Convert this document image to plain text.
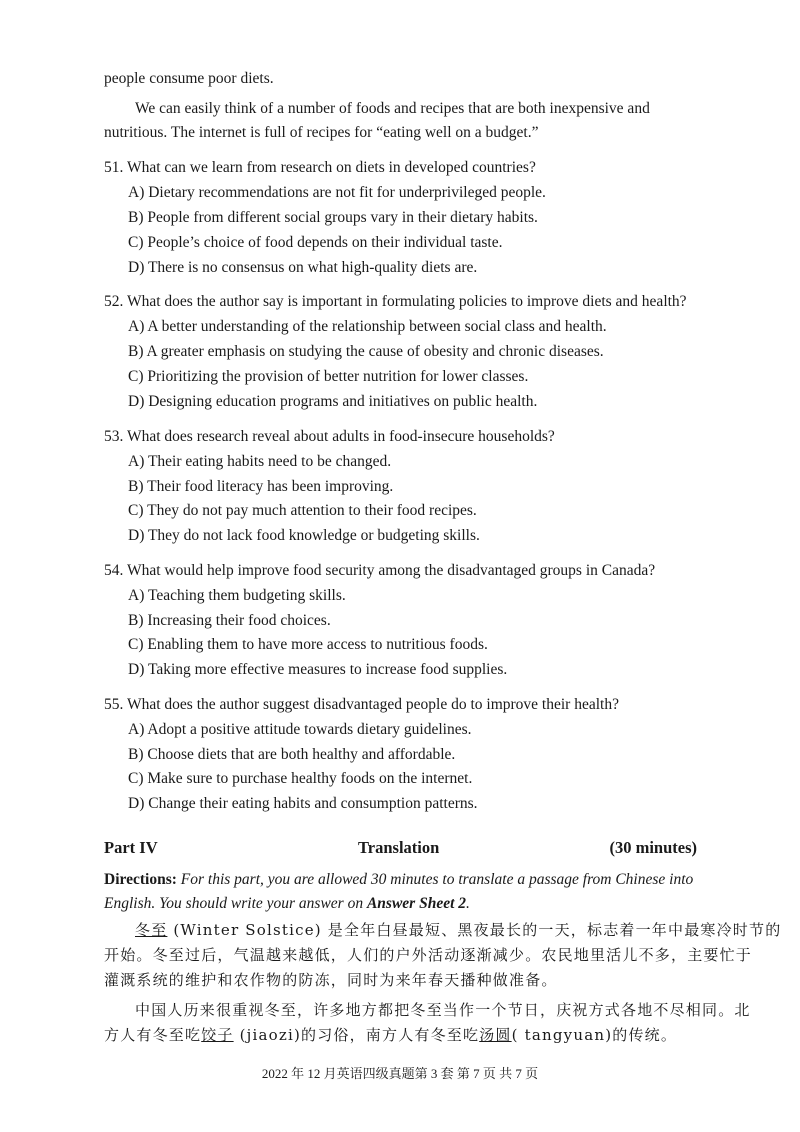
people consume poor diets.
We can easily think of a number of foods and recipes that are both inexpensive and
nutritious. The internet is full of recipes for “eating well on a budget.”
51. What can we learn from research on diets in developed countries?
A) Dietary recommendations are not fit for underprivileged people.
B) People from different social groups vary in their dietary habits.
C) People’s choice of food depends on their individual taste.
D) There is no consensus on what high-quality diets are.
52. What does the author say is important in formulating policies to improve diets and health?
A) A better understanding of the relationship between social class and health.
B) A greater emphasis on studying the cause of obesity and chronic diseases.
C) Prioritizing the provision of better nutrition for lower classes.
D) Designing education programs and initiatives on public health.
53. What does research reveal about adults in food-insecure households?
A) Their eating habits need to be changed.
B) Their food literacy has been improving.
C) They do not pay much attention to their food recipes.
D) They do not lack food knowledge or budgeting skills.
54. What would help improve food security among the disadvantaged groups in Canada?
A) Teaching them budgeting skills.
B) Increasing their food choices.
C) Enabling them to have more access to nutritious foods.
D) Taking more effective measures to increase food supplies.
55. What does the author suggest disadvantaged people do to improve their health?
A) Adopt a positive attitude towards dietary guidelines.
B) Choose diets that are both healthy and affordable.
C) Make sure to purchase healthy foods on the internet.
D) Change their eating habits and consumption patterns.
Part IV	Translation	(30 minutes)
Directions: For this part, you are allowed 30 minutes to translate a passage from Chinese into
English. You should write your answer on Answer Sheet 2.
冬至 (Winter Solstice) 是全年白昼最短、黑夜最长的一天，标志着一年中最寒冷时节的
开始。冬至过后，气温越来越低，人们的户外活动逐渐减少。农民地里活儿不多，主要忙于
灌溉系统的维护和农作物的防冻，同时为来年春天播种做准备。
中国人历来很重视冬至，许多地方都把冬至当作一个节日，庆祝方式各地不尽相同。北
方人有冬至吃饺子 (jiaozi)的习俗，南方人有冬至吃汤圆( tangyuan)的传统。
2022 年 12 月英语四级真题第 3 套 第 7 页 共 7 页
